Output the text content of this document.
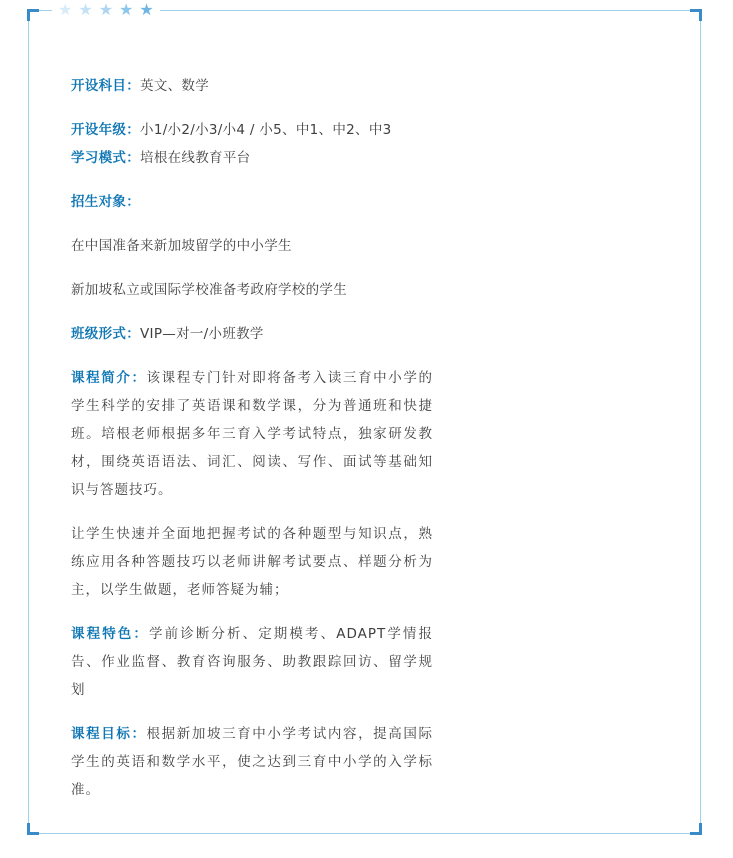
★ ★ ★ ★ ★
开设科目：英文、数学
开设年级：小1/小2/小3/小4 / 小5、中1、中2、中3
学习模式：培根在线教育平台
招生对象：
在中国准备来新加坡留学的中小学生
新加坡私立或国际学校准备考政府学校的学生
班级形式：VIP—对一/小班教学
课程简介：该课程专门针对即将备考入读三育中小学的学生科学的安排了英语课和数学课，分为普通班和快捷班。培根老师根据多年三育入学考试特点，独家研发教材，围绕英语语法、词汇、阅读、写作、面试等基础知识与答题技巧。
让学生快速并全面地把握考试的各种题型与知识点，熟练应用各种答题技巧以老师讲解考试要点、样题分析为主，以学生做题，老师答疑为辅；
课程特色：学前诊断分析、定期模考、ADAPT学情报告、作业监督、教育咨询服务、助教跟踪回访、留学规划
课程目标：根据新加坡三育中小学考试内容，提高国际学生的英语和数学水平，使之达到三育中小学的入学标准。
